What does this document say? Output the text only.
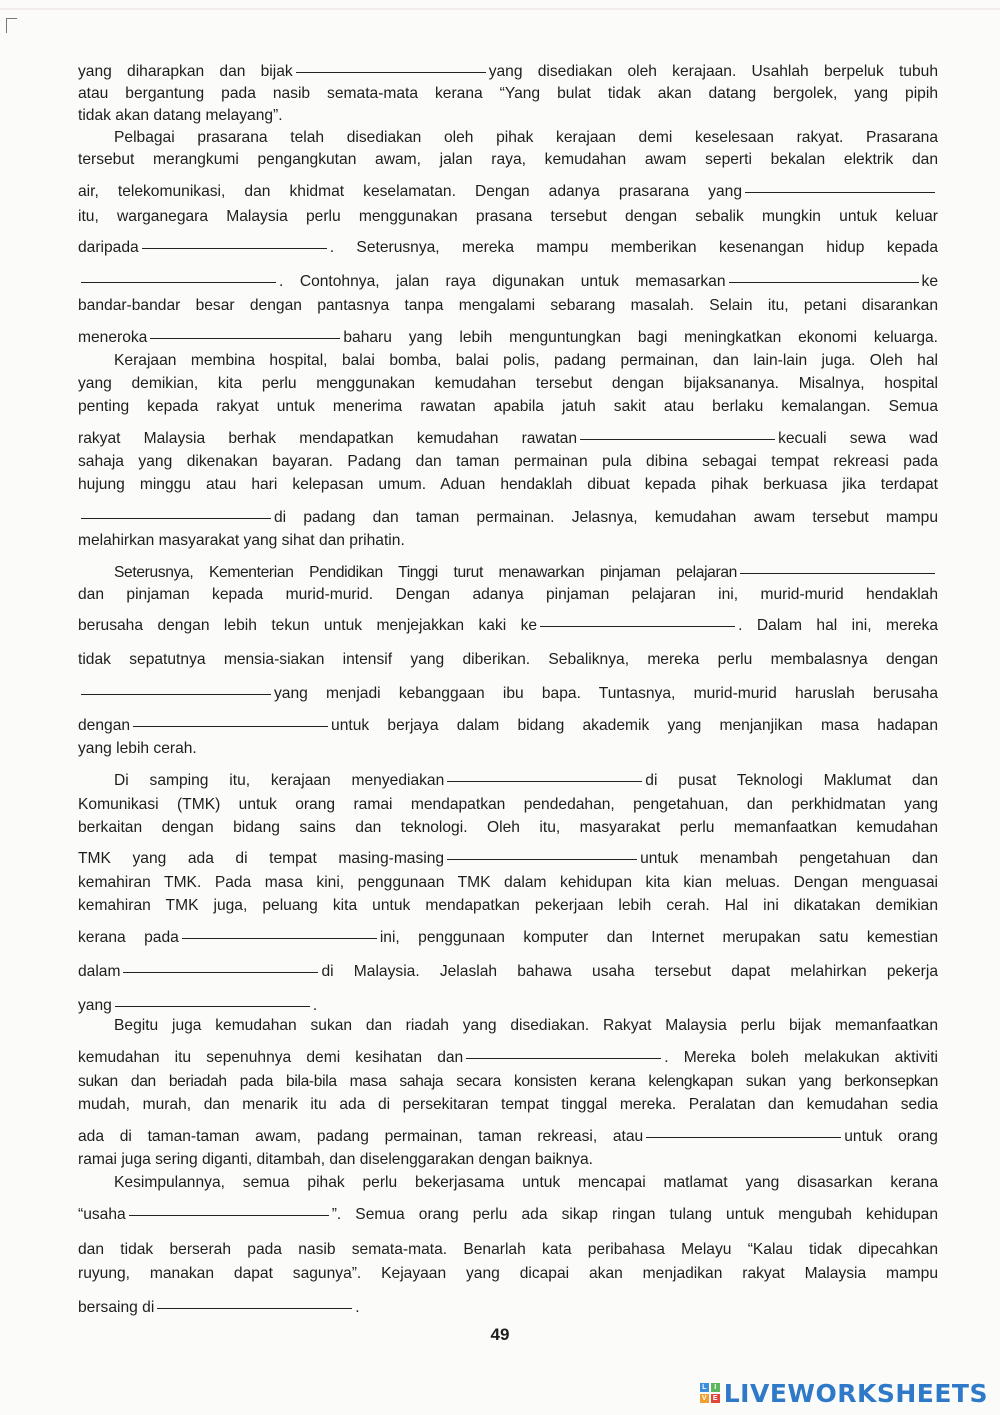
yang diharapkan dan bijak	yang disediakan oleh kerajaan. Usahlah berpeluk tubuh
atau bergantung pada nasib semata-mata kerana “Yang bulat tidak akan datang bergolek, yang pipih
tidak akan datang melayang”.
Pelbagai prasarana telah disediakan oleh pihak kerajaan demi keselesaan rakyat. Prasarana
tersebut merangkumi pengangkutan awam, jalan raya, kemudahan awam seperti bekalan elektrik dan
air, telekomunikasi, dan khidmat keselamatan. Dengan adanya prasarana yang
itu, warganegara Malaysia perlu menggunakan prasana tersebut dengan sebalik mungkin untuk keluar
daripada	. Seterusnya, mereka mampu memberikan kesenangan hidup kepada
. Contohnya, jalan raya digunakan untuk memasarkan	ke
bandar-bandar besar dengan pantasnya tanpa mengalami sebarang masalah. Selain itu, petani disarankan
meneroka	baharu yang lebih menguntungkan bagi meningkatkan ekonomi keluarga.
Kerajaan membina hospital, balai bomba, balai polis, padang permainan, dan lain-lain juga. Oleh hal
yang demikian, kita perlu menggunakan kemudahan tersebut dengan bijaksananya. Misalnya, hospital
penting kepada rakyat untuk menerima rawatan apabila jatuh sakit atau berlaku kemalangan. Semua
rakyat Malaysia berhak mendapatkan kemudahan rawatan	kecuali sewa wad
sahaja yang dikenakan bayaran. Padang dan taman permainan pula dibina sebagai tempat rekreasi pada
hujung minggu atau hari kelepasan umum. Aduan hendaklah dibuat kepada pihak berkuasa jika terdapat
di padang dan taman permainan. Jelasnya, kemudahan awam tersebut mampu
melahirkan masyarakat yang sihat dan prihatin.
Seterusnya, Kementerian Pendidikan Tinggi turut menawarkan pinjaman pelajaran
dan pinjaman kepada murid-murid. Dengan adanya pinjaman pelajaran ini, murid-murid hendaklah
berusaha dengan lebih tekun untuk menjejakkan kaki ke	. Dalam hal ini, mereka
tidak sepatutnya mensia-siakan intensif yang diberikan. Sebaliknya, mereka perlu membalasnya dengan
yang menjadi kebanggaan ibu bapa. Tuntasnya, murid-murid haruslah berusaha
dengan	untuk berjaya dalam bidang akademik yang menjanjikan masa hadapan
yang lebih cerah.
Di samping itu, kerajaan menyediakan	di pusat Teknologi Maklumat dan
Komunikasi (TMK) untuk orang ramai mendapatkan pendedahan, pengetahuan, dan perkhidmatan yang
berkaitan dengan bidang sains dan teknologi. Oleh itu, masyarakat perlu memanfaatkan kemudahan
TMK yang ada di tempat masing-masing	untuk menambah pengetahuan dan
kemahiran TMK. Pada masa kini, penggunaan TMK dalam kehidupan kita kian meluas. Dengan menguasai
kemahiran TMK juga, peluang kita untuk mendapatkan pekerjaan lebih cerah. Hal ini dikatakan demikian
kerana pada	ini, penggunaan komputer dan Internet merupakan satu kemestian
dalam	di Malaysia. Jelaslah bahawa usaha tersebut dapat melahirkan pekerja
yang	.
Begitu juga kemudahan sukan dan riadah yang disediakan. Rakyat Malaysia perlu bijak memanfaatkan
kemudahan itu sepenuhnya demi kesihatan dan	. Mereka boleh melakukan aktiviti
sukan dan beriadah pada bila-bila masa sahaja secara konsisten kerana kelengkapan sukan yang berkonsepkan
mudah, murah, dan menarik itu ada di persekitaran tempat tinggal mereka. Peralatan dan kemudahan sedia
ada di taman-taman awam, padang permainan, taman rekreasi, atau	untuk orang
ramai juga sering diganti, ditambah, dan diselenggarakan dengan baiknya.
Kesimpulannya, semua pihak perlu bekerjasama untuk mencapai matlamat yang disasarkan kerana
“usaha	”. Semua orang perlu ada sikap ringan tulang untuk mengubah kehidupan
dan tidak berserah pada nasib semata-mata. Benarlah kata peribahasa Melayu “Kalau tidak dipecahkan
ruyung, manakan dapat sagunya”. Kejayaan yang dicapai akan menjadikan rakyat Malaysia mampu
bersaing di	.
49
L	I
V E LIVEWORKSHEETS
